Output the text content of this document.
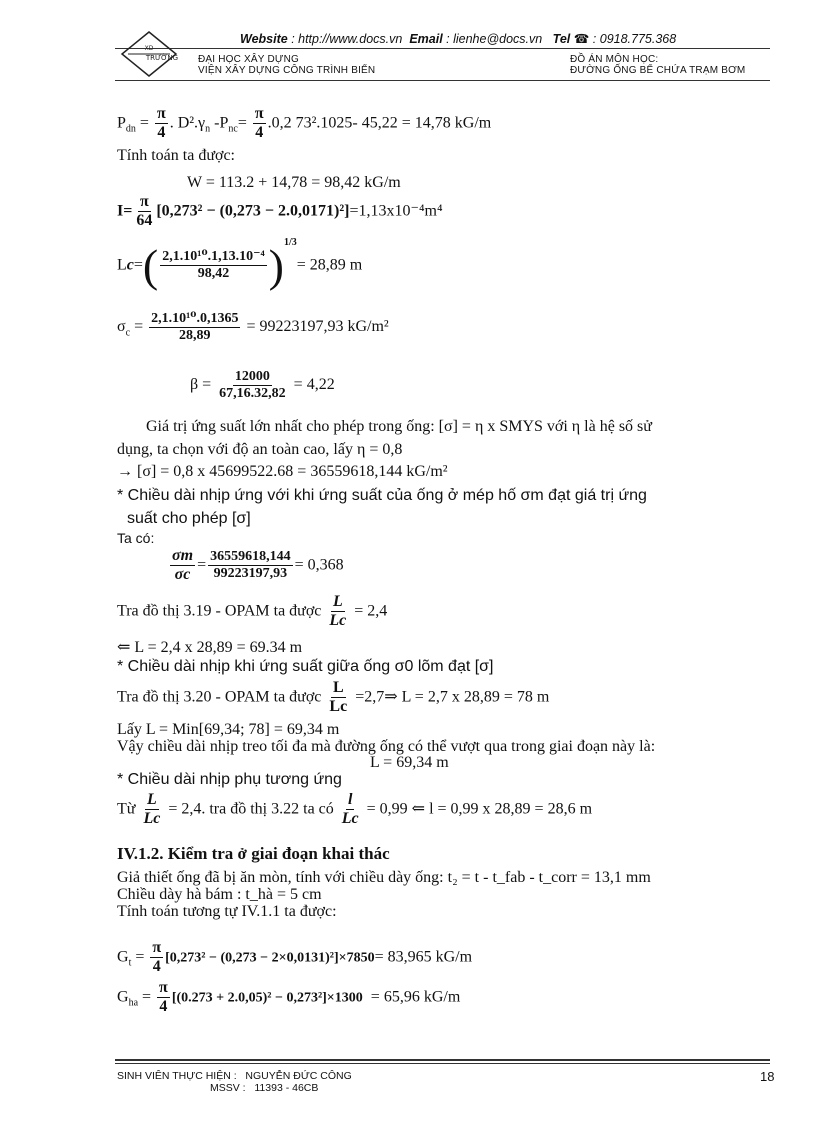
Website : http://www.docs.vn Email : lienhe@docs.vn Tel ☎ : 0918.775.368
XD
TRƯỜNG ĐẠI HỌC XÂY DỰNG
VIỆN XÂY DỰNG CÔNG TRÌNH BIỂN
ĐỒ ÁN MÔN HỌC:
ĐƯỜNG ỐNG BỂ CHỨA TRẠM BƠM
$P_{dn} = \frac{\pi}{4}$ . $D^2.\gamma_n$ $-P_{nc}= \frac{\pi}{4} .0,2$ 73².1025- 45,22 = 14,78 kG/m
Tính toán ta được:
W = 113.2 + 14,78 = 98,42 kG/m
$I= \frac{\pi}{64} [0,273^2 - (0,273 - 2.0,0171)^2]=1,13x10^{-4}m^4$
$Lc=( \frac{\text{2,1.10¹⁰.1,13.10⁻⁴}}{98,42} )^{1/3}= 28,89$ m
$\sigma_c = \frac{\text{2,1.10¹⁰.0,1365}}{28,89} = 99223197,93$ kG/m²
$\beta = \frac{12000}{67,16.32,82} = 4,22$
Giá trị ứng suất lớn nhất cho phép trong ống: [σ] = η x SMYS với η là hệ số sử
dụng, ta chọn với độ an toàn cao, lấy η = 0,8
→ [σ] = 0,8 x 45699522.68 = 36559618,144 kG/m²
* Chiều dài nhịp ứng với khi ứng suất của ống ở mép hố σm đạt giá trị ứng
suất cho phép [σ]
Ta có:
$\frac{\sigma m}{\sigma c} = \frac{36559618,144}{99223197,93} = 0,368$
Tra đồ thị 3.19 - OPAM ta được $\frac{L}{Lc} = 2,4$
⇐ L = 2,4 x 28,89 = 69.34 m
* Chiều dài nhịp khi ứng suất giữa ống σ0 lõm đạt [σ]
Tra đồ thị 3.20 - OPAM ta được $\frac{L}{Lc}$ =2,7⇒ L = 2,7 x 28,89 = 78 m
Lấy L = Min[69,34; 78] = 69,34 m
Vậy chiều dài nhịp treo tối đa mà đường ống có thể vượt qua trong giai đoạn này là:
L = 69,34 m
* Chiều dài nhịp phụ tương ứng
Từ $\frac{L}{Lc} = 2,4$. tra đồ thị 3.22 ta có $\frac{l}{Lc} = 0,99$ ⇐ l = 0,99 x 28,89 = 28,6 m
IV.1.2. Kiểm tra ở giai đoạn khai thác
Giả thiết ống đã bị ăn mòn, tính với chiều dày ống: t₂ = t - t_fab - t_corr = 13,1 mm
Chiều dày hà bám : t_hà = 5 cm
Tính toán tương tự IV.1.1 ta được:
$G_t = \frac{\pi}{4} [0,273^2 - (0,273 - 2\times 0,0131)^2]\times 7850= 83,965$ kG/m
$G_{ha} = \frac{\pi}{4} [(0.273 + 2.0,05)^2 - 0,273^2]\times 1300 = 65,96$ kG/m
SINH VIÊN THỰC HIỆN : NGUYỄN ĐỨC CÔNG
MSSV : 11393 - 46CB
18
